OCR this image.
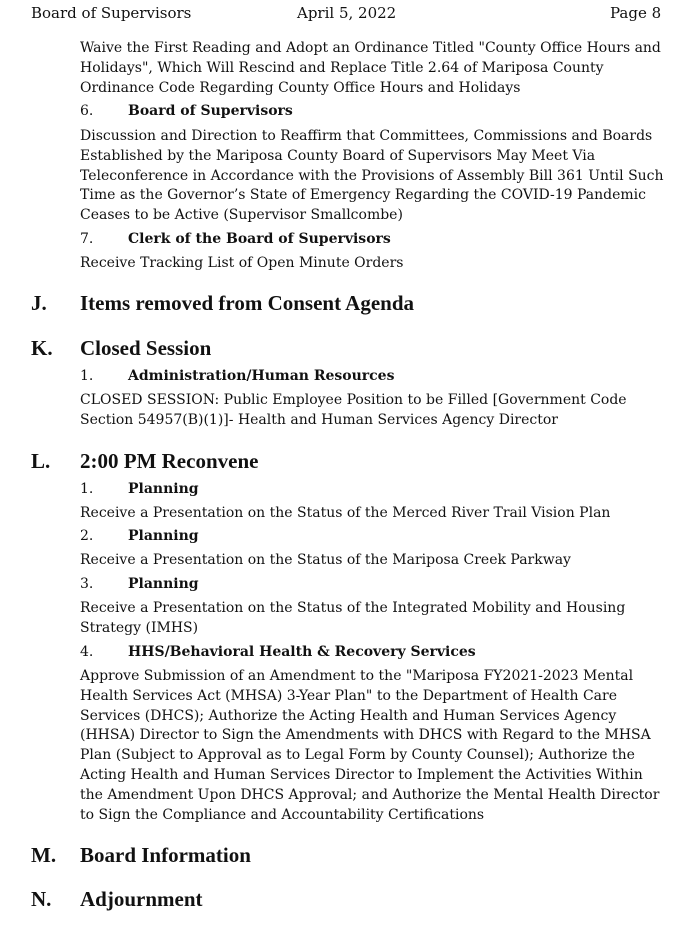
Board of Supervisors	April 5, 2022	Page 8

Waive the First Reading and Adopt an Ordinance Titled "County Office Hours and Holidays", Which Will Rescind and Replace Title 2.64 of Mariposa County Ordinance Code Regarding County Office Hours and Holidays

6. Board of Supervisors

Discussion and Direction to Reaffirm that Committees, Commissions and Boards Established by the Mariposa County Board of Supervisors May Meet Via Teleconference in Accordance with the Provisions of Assembly Bill 361 Until Such Time as the Governor’s State of Emergency Regarding the COVID-19 Pandemic Ceases to be Active (Supervisor Smallcombe)

7. Clerk of the Board of Supervisors

Receive Tracking List of Open Minute Orders

J. Items removed from Consent Agenda
K. Closed Session
1. Administration/Human Resources

CLOSED SESSION: Public Employee Position to be Filled [Government Code Section 54957(B)(1)]- Health and Human Services Agency Director

L. 2:00 PM Reconvene
1. Planning

Receive a Presentation on the Status of the Merced River Trail Vision Plan

2. Planning

Receive a Presentation on the Status of the Mariposa Creek Parkway

3. Planning

Receive a Presentation on the Status of the Integrated Mobility and Housing Strategy (IMHS)

4. HHS/Behavioral Health & Recovery Services

Approve Submission of an Amendment to the "Mariposa FY2021-2023 Mental Health Services Act (MHSA) 3-Year Plan" to the Department of Health Care Services (DHCS); Authorize the Acting Health and Human Services Agency (HHSA) Director to Sign the Amendments with DHCS with Regard to the MHSA Plan (Subject to Approval as to Legal Form by County Counsel); Authorize the Acting Health and Human Services Director to Implement the Activities Within the Amendment Upon DHCS Approval; and Authorize the Mental Health Director to Sign the Compliance and Accountability Certifications

M. Board Information
N. Adjournment
